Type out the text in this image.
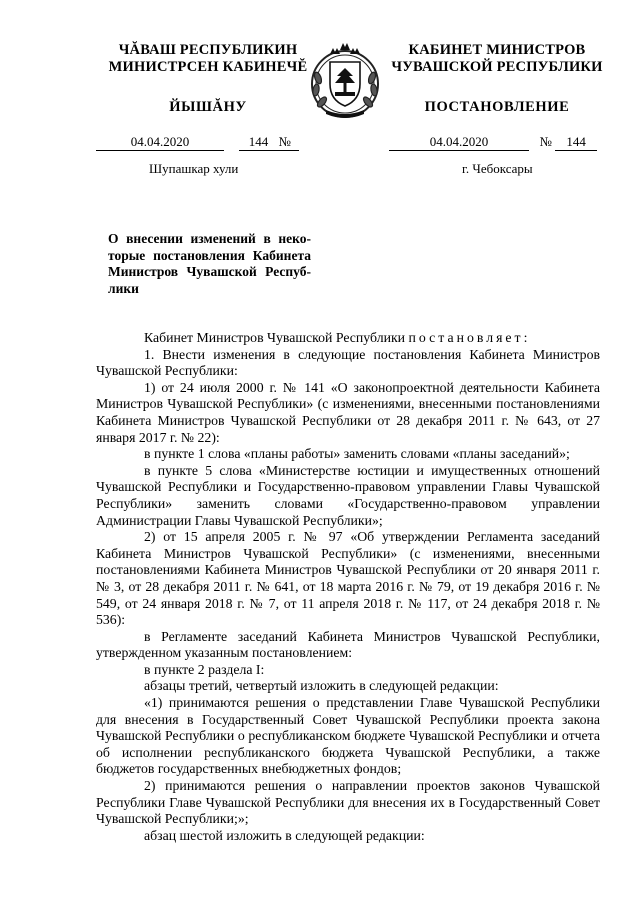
ЧĂВАШ РЕСПУБЛИКИН
МИНИСТРСЕН КАБИНЕЧĔ
ЙЫШĂНУ
КАБИНЕТ МИНИСТРОВ
ЧУВАШСКОЙ РЕСПУБЛИКИ
ПОСТАНОВЛЕНИЕ
04.04.2020	144 №	04.04.2020	№ 144
Шупашкар хули	г. Чебоксары
О внесении изменений в неко-торые постановления Кабинета Министров Чувашской Респуб-лики

Кабинет Министров Чувашской Республики постановляет:

1. Внести изменения в следующие постановления Кабинета Министров Чувашской Республики:

1) от 24 июля 2000 г. № 141 «О законопроектной деятельности Кабинета Министров Чувашской Республики» (с изменениями, внесенными постановлениями Кабинета Министров Чувашской Республики от 28 декабря 2011 г. № 643, от 27 января 2017 г. № 22):

в пункте 1 слова «планы работы» заменить словами «планы заседаний»;

в пункте 5 слова «Министерстве юстиции и имущественных отношений Чувашской Республики и Государственно-правовом управлении Главы Чувашской Республики» заменить словами «Государственно-правовом управлении Администрации Главы Чувашской Республики»;

2) от 15 апреля 2005 г. № 97 «Об утверждении Регламента заседаний Кабинета Министров Чувашской Республики» (с изменениями, внесенными постановлениями Кабинета Министров Чувашской Республики от 20 января 2011 г. № 3, от 28 декабря 2011 г. № 641, от 18 марта 2016 г. № 79, от 19 декабря 2016 г. № 549, от 24 января 2018 г. № 7, от 11 апреля 2018 г. № 117, от 24 декабря 2018 г. № 536):

в Регламенте заседаний Кабинета Министров Чувашской Республики, утвержденном указанным постановлением:

в пункте 2 раздела I:

абзацы третий, четвертый изложить в следующей редакции:

«1) принимаются решения о представлении Главе Чувашской Республики для внесения в Государственный Совет Чувашской Республики проекта закона Чувашской Республики о республиканском бюджете Чувашской Республики и отчета об исполнении республиканского бюджета Чувашской Республики, а также бюджетов государственных внебюджетных фондов;

2) принимаются решения о направлении проектов законов Чувашской Республики Главе Чувашской Республики для внесения их в Государственный Совет Чувашской Республики;»;

абзац шестой изложить в следующей редакции:
